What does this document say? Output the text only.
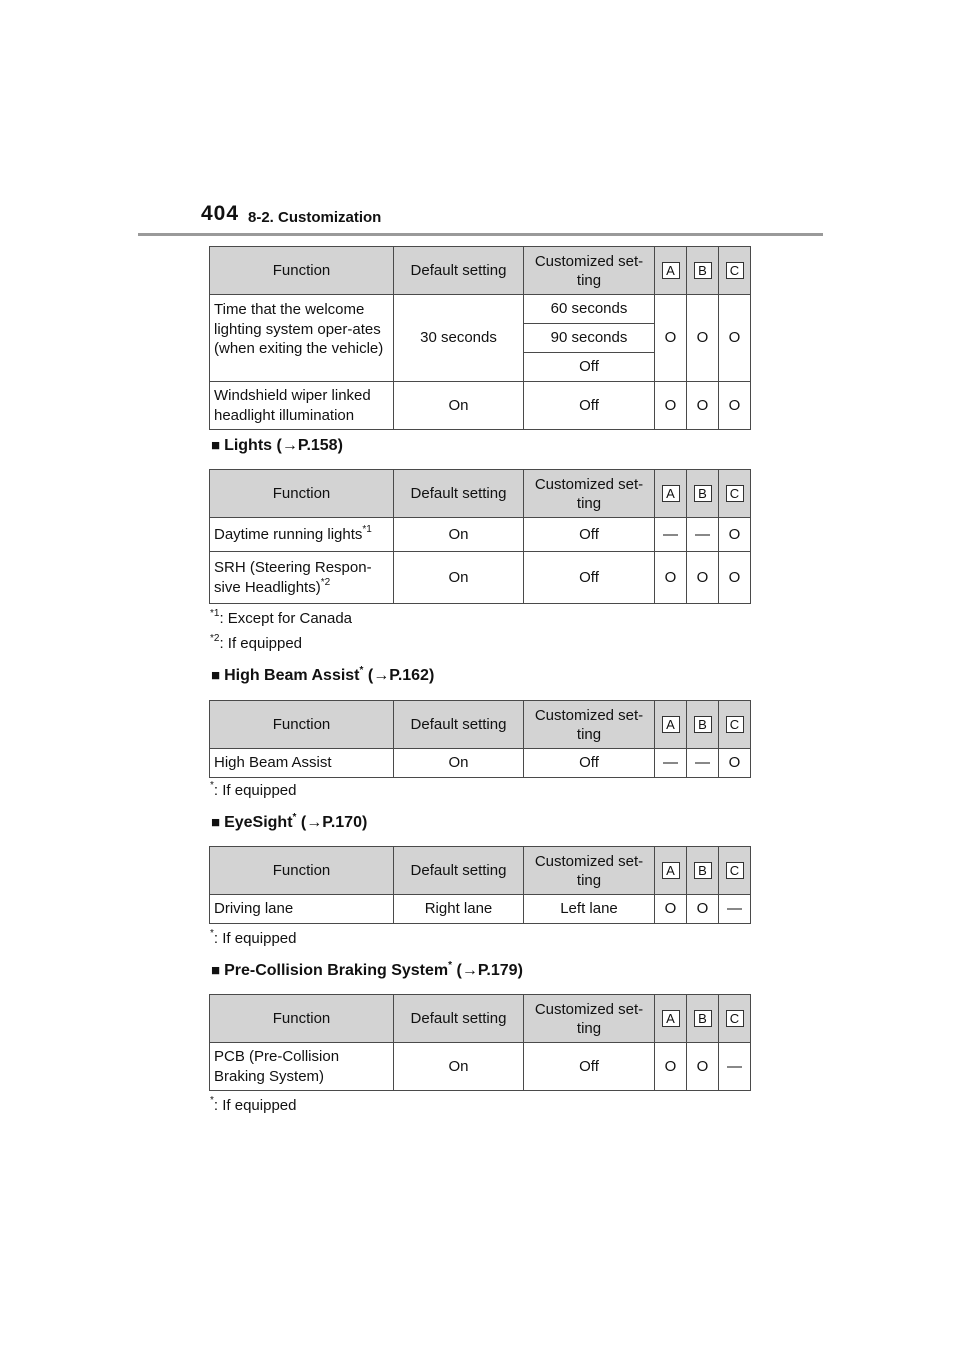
404 8-2. Customization
Function	Default setting	Customized set-ting	A	B	C
Time that the welcome lighting system oper-ates (when exiting the vehicle)	30 seconds	60 seconds	O	O	O
		90 seconds			
		Off			
Windshield wiper linked headlight illumination	On	Off	O	O	O
■ Lights (→P.158)
Function	Default setting	Customized set-ting	A	B	C
Daytime running lights$^{*1}$	On	Off	—	—	O
SRH (Steering Respon-sive Headlights)$^{*2}$	On	Off	O	O	O
$^{*1}$: Except for Canada
$^{*2}$: If equipped
■ High Beam Assist* (→P.162)
Function	Default setting	Customized set-ting	A	B	C
High Beam Assist	On	Off	—	—	O
*: If equipped
■ EyeSight* (→P.170)
Function	Default setting	Customized set-ting	A	B	C
Driving lane	Right lane	Left lane	O	O	—
*: If equipped
■ Pre-Collision Braking System* (→P.179)
Function	Default setting	Customized set-ting	A	B	C
PCB (Pre-Collision Braking System)	On	Off	O	O	—
*: If equipped
